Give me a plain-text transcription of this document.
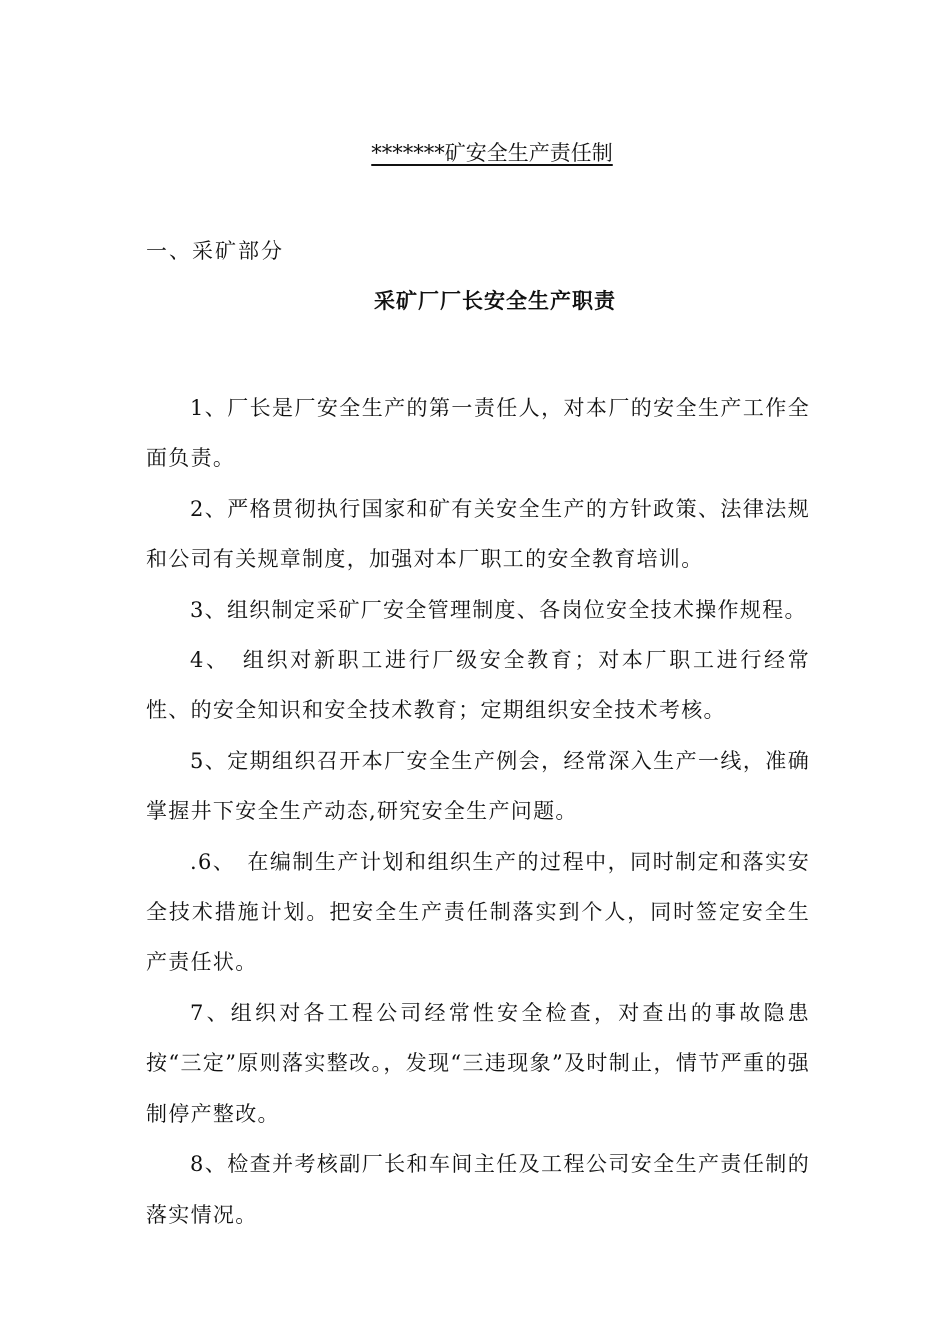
*******矿安全生产责任制
一、采矿部分
采矿厂厂长安全生产职责

1、厂长是厂安全生产的第一责任人，对本厂的安全生产工作全面负责。

2、严格贯彻执行国家和矿有关安全生产的方针政策、法律法规和公司有关规章制度，加强对本厂职工的安全教育培训。

3、组织制定采矿厂安全管理制度、各岗位安全技术操作规程。

4、　组织对新职工进行厂级安全教育；对本厂职工进行经常性、的安全知识和安全技术教育；定期组织安全技术考核。

5、定期组织召开本厂安全生产例会，经常深入生产一线，准确掌握井下安全生产动态,研究安全生产问题。

.6、　在编制生产计划和组织生产的过程中，同时制定和落实安全技术措施计划。把安全生产责任制落实到个人，同时签定安全生产责任状。

7、组织对各工程公司经常性安全检查，对查出的事故隐患按“三定”原则落实整改。，发现“三违现象”及时制止，情节严重的强制停产整改。

8、检查并考核副厂长和车间主任及工程公司安全生产责任制的落实情况。
